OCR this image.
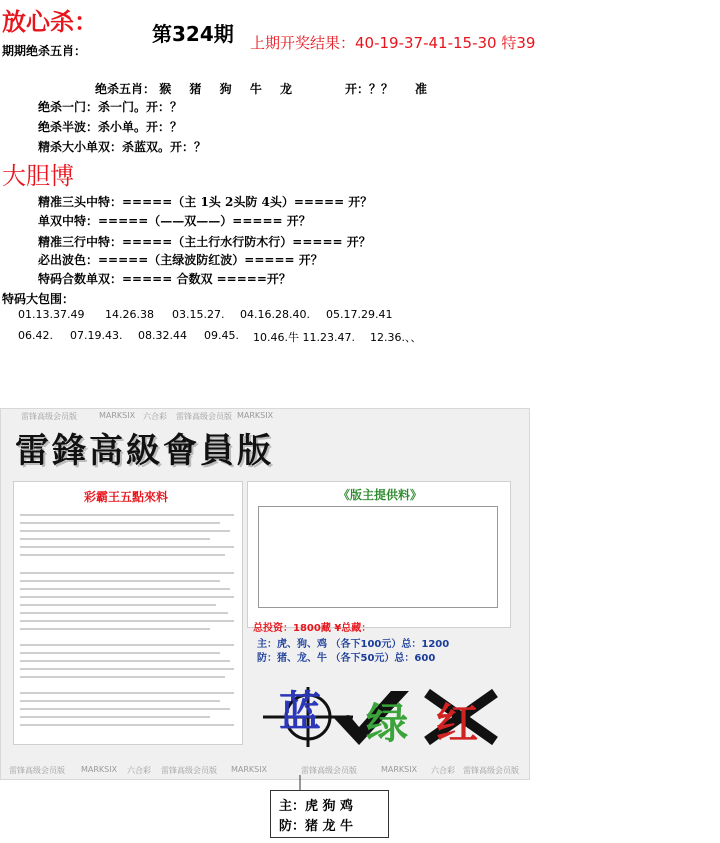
放心杀：	第324期 上期开奖结果：40-19-37-41-15-30 特39
期期绝杀五肖：
绝杀五肖： 猴 猪 狗 牛 龙	开：？？ 准
绝杀一门：杀一门。开：？
绝杀半波：杀小单。开：？
精杀大小单双：杀蓝双。开：？
大胆博
精准三头中特：=====（主 1头 2头防 4头）===== 开？
单双中特：=====（——双——）===== 开？
精准三行中特：=====（主土行水行防木行）===== 开？
必出波色：=====（主绿波防红波）===== 开？
特码合数单双：===== 合数双 =====开？
特码大包围：
01.13.37.49 14.26.38 03.15.27. 04.16.28.40. 05.17.29.41
06.42. 07.19.43. 08.32.44 09.45. 10.46.牛 11.23.47. 12.36.、、
雷锋高级会员版	MARKSIX 六合彩 雷锋高级会员版 MARKSIX
雷鋒高級會員版
彩霸王五點來料	《版主提供料》
总投资：1800藏 ¥总藏：
主：虎、狗、鸡 （各下100元）总：1200
防：猪、龙、牛 （各下50元）总：600
蓝 绿 红
雷锋高级会员版 MARKSIX 六合彩 雷锋高级会员版 MARKSIX	雷锋高级会员版	MARKSIX 六合彩 雷锋高级会员版
主：虎 狗 鸡
防：猪 龙 牛
